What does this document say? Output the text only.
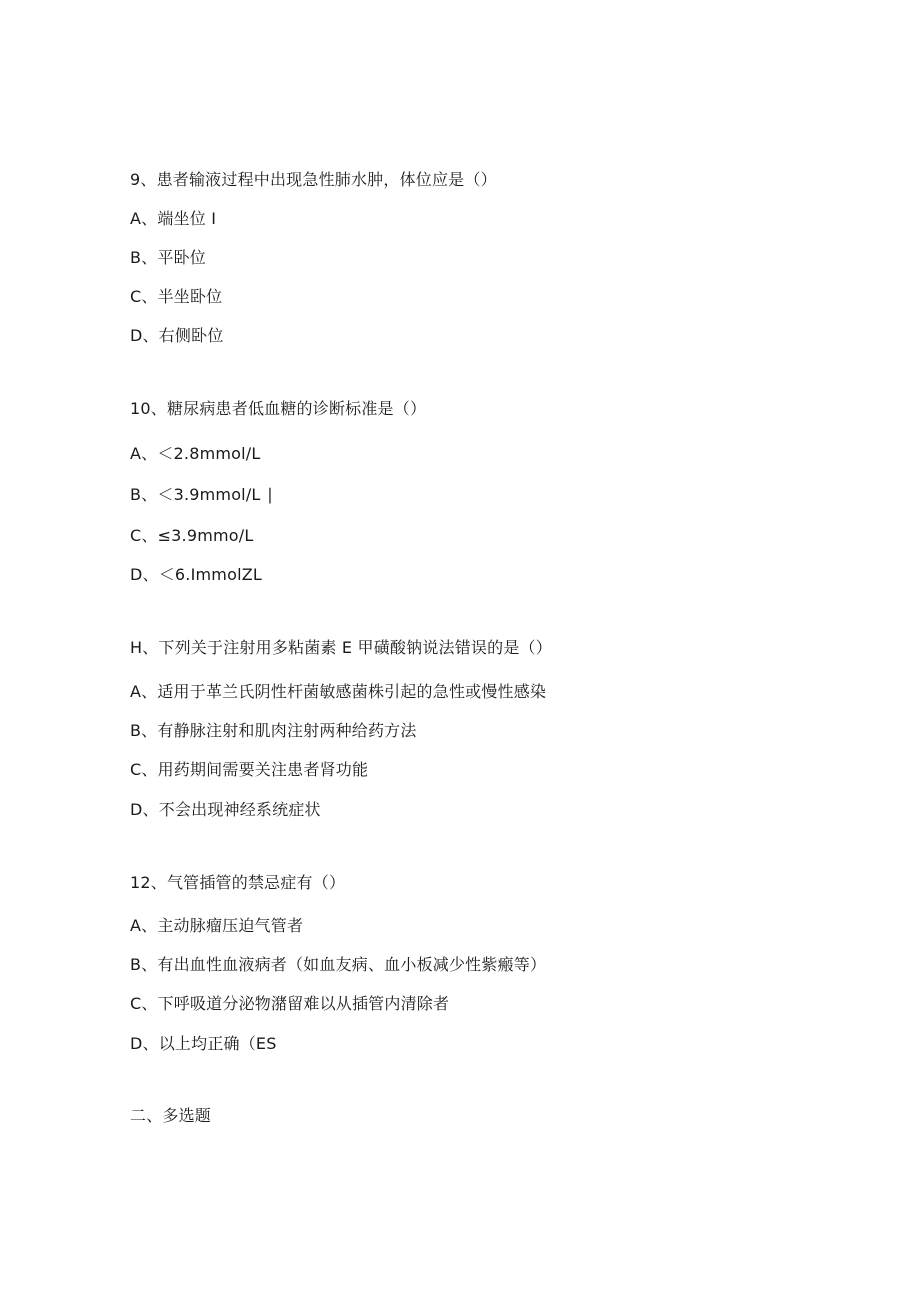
9、患者输液过程中出现急性肺水肿，体位应是（）
A、端坐位 I
B、平卧位
C、半坐卧位
D、右侧卧位
10、糖尿病患者低血糖的诊断标准是（）
A、＜2.8mmol∕L
B、＜3.9mmol∕L ∣
C、≤3.9mmo∕L
D、＜6.ImmolZL
H、下列关于注射用多粘菌素 E 甲磺酸钠说法错误的是（）
A、适用于革兰氏阴性杆菌敏感菌株引起的急性或慢性感染
B、有静脉注射和肌肉注射两种给药方法
C、用药期间需要关注患者肾功能
D、不会出现神经系统症状
12、气管插管的禁忌症有（）
A、主动脉瘤压迫气管者
B、有出血性血液病者（如血友病、血小板减少性紫瘢等）
C、下呼吸道分泌物潴留难以从插管内清除者
D、以上均正确（ES
二、多选题
